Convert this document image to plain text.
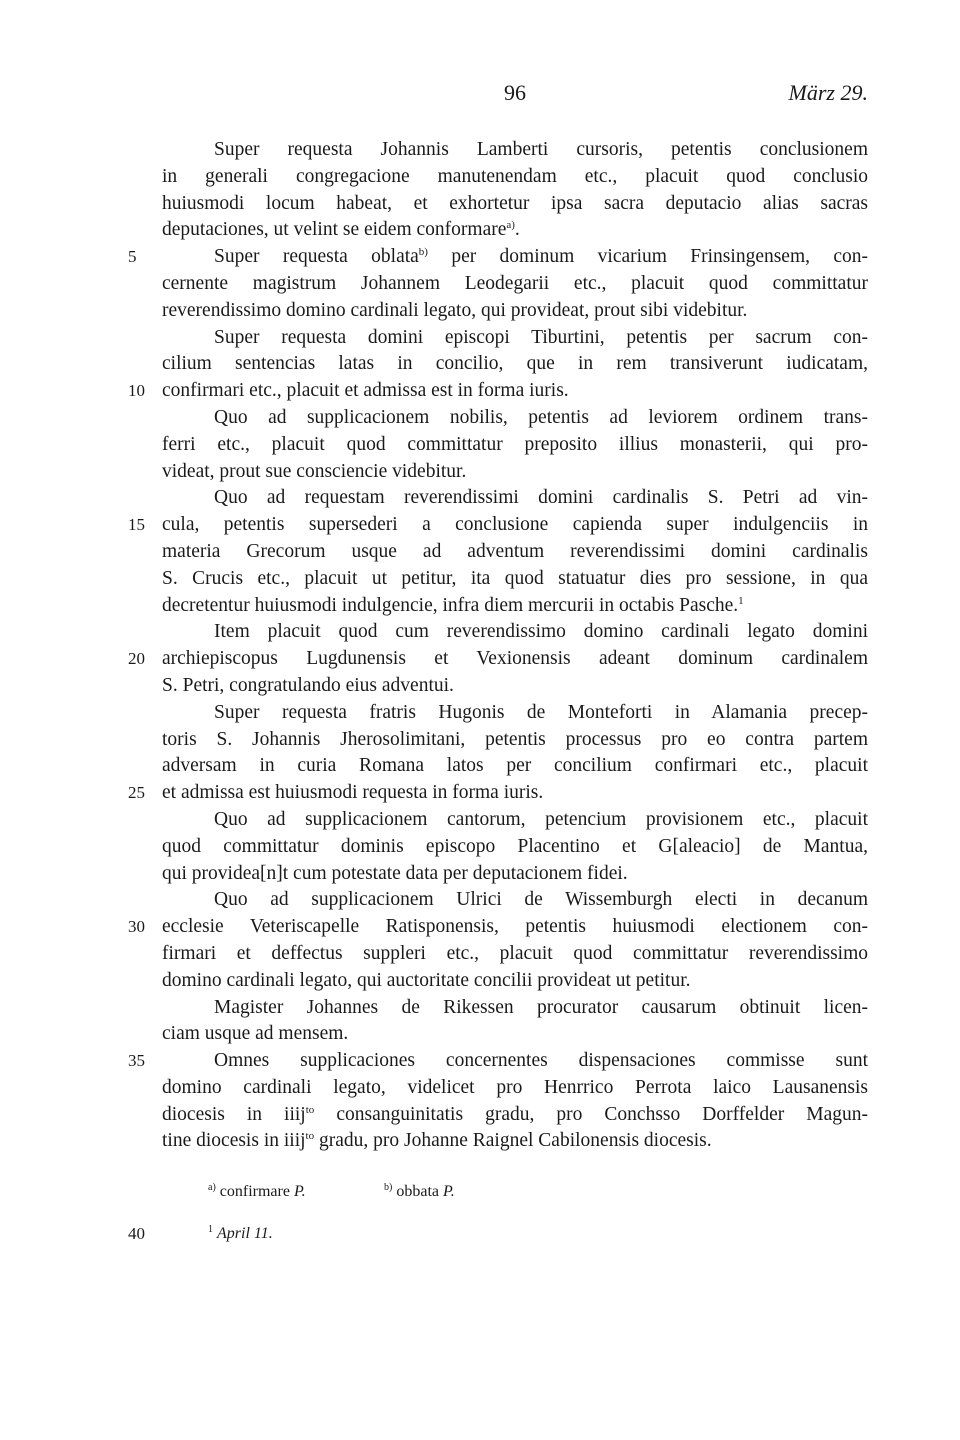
96	März 29.
Super requesta Johannis Lamberti cursoris, petentis conclusionem
in generali congregacione manutenendam etc., placuit quod conclusio
huiusmodi locum habeat, et exhortetur ipsa sacra deputacio alias sacras
deputaciones, ut velint se eidem conformare$^{a)}$.
5	Super requesta oblata$^{b)}$ per dominum vicarium Frinsingensem, con-
cernente magistrum Johannem Leodegarii etc., placuit quod committatur
reverendissimo domino cardinali legato, qui provideat, prout sibi videbitur.
Super requesta domini episcopi Tiburtini, petentis per sacrum con-
cilium sentencias latas in concilio, que in rem transiverunt iudicatam,
10 confirmari etc., placuit et admissa est in forma iuris.
Quo ad supplicacionem nobilis, petentis ad leviorem ordinem trans-
ferri etc., placuit quod committatur preposito illius monasterii, qui pro-
videat, prout sue consciencie videbitur.
Quo ad requestam reverendissimi domini cardinalis S. Petri ad vin-
15 cula, petentis supersederi a conclusione capienda super indulgenciis in
materia Grecorum usque ad adventum reverendissimi domini cardinalis
S. Crucis etc., placuit ut petitur, ita quod statuatur dies pro sessione, in qua
decretentur huiusmodi indulgencie, infra diem mercurii in octabis Pasche.$^1$
Item placuit quod cum reverendissimo domino cardinali legato domini
20 archiepiscopus Lugdunensis et Vexionensis adeant dominum cardinalem
S. Petri, congratulando eius adventui.
Super requesta fratris Hugonis de Monteforti in Alamania precep-
toris S. Johannis Jherosolimitani, petentis processus pro eo contra partem
adversam in curia Romana latos per concilium confirmari etc., placuit
25 et admissa est huiusmodi requesta in forma iuris.
Quo ad supplicacionem cantorum, petencium provisionem etc., placuit
quod committatur dominis episcopo Placentino et G[aleacio] de Mantua,
qui providea[n]t cum potestate data per deputacionem fidei.
Quo ad supplicacionem Ulrici de Wissemburgh electi in decanum
30 ecclesie Veteriscapelle Ratisponensis, petentis huiusmodi electionem con-
firmari et deffectus suppleri etc., placuit quod committatur reverendissimo
domino cardinali legato, qui auctoritate concilii provideat ut petitur.
Magister Johannes de Rikessen procurator causarum obtinuit licen-
ciam usque ad mensem.
35	Omnes supplicaciones concernentes dispensaciones commisse sunt
domino cardinali legato, videlicet pro Henrrico Perrota laico Lausanensis
diocesis in iiij$^{to}$ consanguinitatis gradu, pro Conchsso Dorffelder Magun-
tine diocesis in iiij$^{to}$ gradu, pro Johanne Raignel Cabilonensis diocesis.
$^{a)}$ confirmare P.	$^{b)}$ obbata P.
40	$^1$ April 11.
